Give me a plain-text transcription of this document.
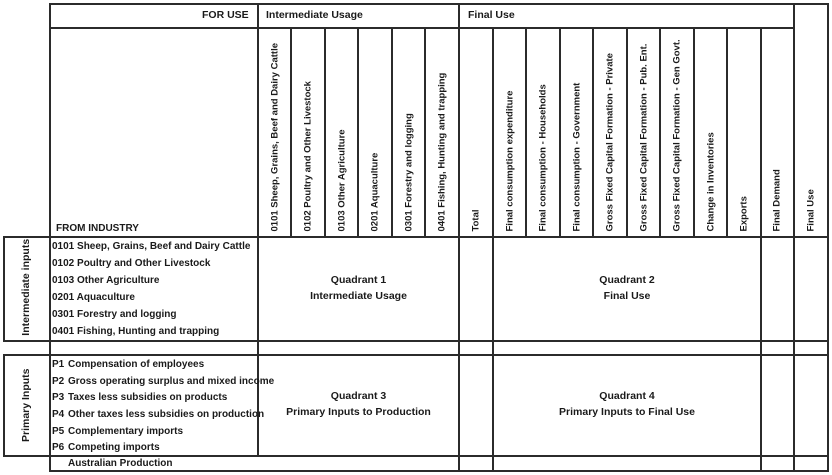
FOR USE Intermediate Usage	Final Use
FROM INDUSTRY	0101 Sheep, Grains, Beef and Dairy Cattle 0102 Poultry and Other Livestock 0103 Other Agriculture 0201 Aquaculture 0301 Forestry and logging 0401 Fishing, Hunting and trapping Total Final consumption expenditure Final consumption - Households Final consumption - Government Gross Fixed Capital Formation - Private Gross Fixed Capital Formation - Pub. Ent. Gross Fixed Capital Formation - Gen Govt. Change in Inventories Exports Final Demand Final Use
Intermediate inputs
Primary Inputs
0101 Sheep, Grains, Beef and Dairy Cattle
0102 Poultry and Other Livestock
0103 Other Agriculture
0201 Aquaculture
0301 Forestry and logging
0401 Fishing, Hunting and trapping
P1 Compensation of employees
P2 Gross operating surplus and mixed income
P3 Taxes less subsidies on products
P4 Other taxes less subsidies on production
P5 Complementary imports
P6 Competing imports
Australian Production
Quadrant 1
Intermediate Usage
Quadrant 2
Final Use
Quadrant 3
Primary Inputs to Production
Quadrant 4
Primary Inputs to Final Use
